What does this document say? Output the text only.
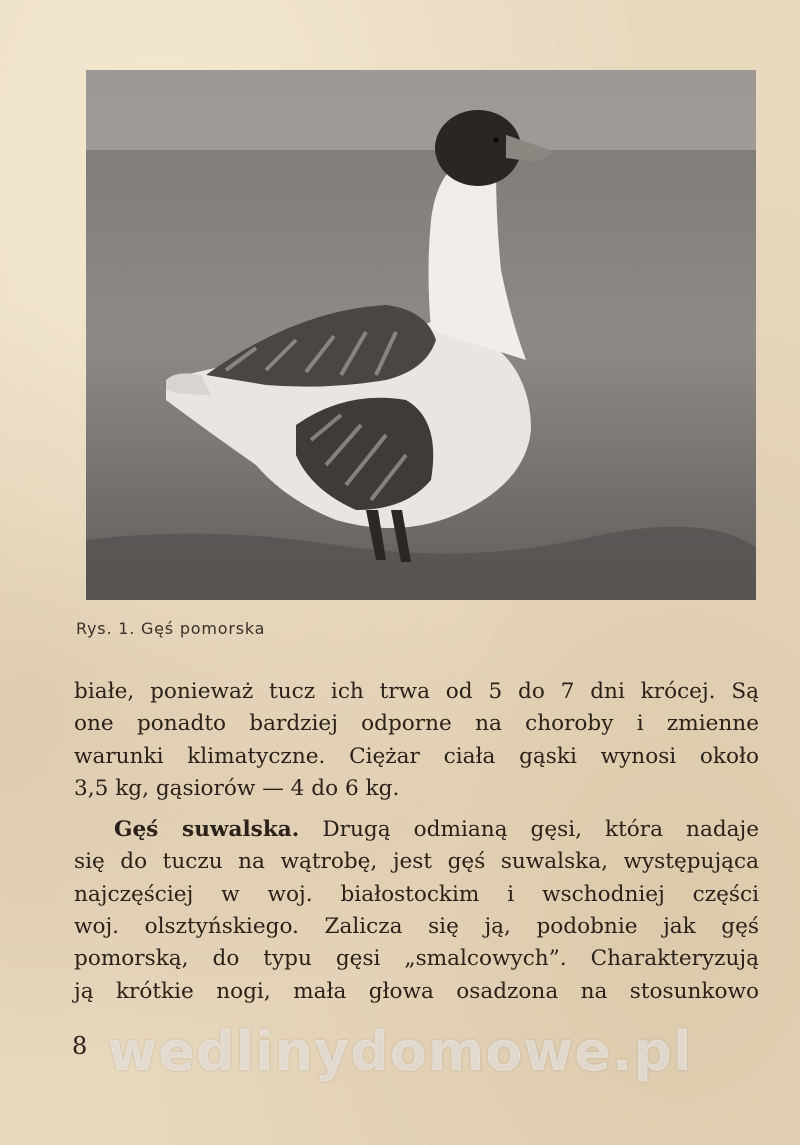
Rys. 1. Gęś pomorska
białe, ponieważ tucz ich trwa od 5 do 7 dni krócej. Są
one ponadto bardziej odporne na choroby i zmienne
warunki klimatyczne. Ciężar ciała gąski wynosi około
3,5 kg, gąsiorów — 4 do 6 kg.
Gęś suwalska. Drugą odmianą gęsi, która nadaje
się do tuczu na wątrobę, jest gęś suwalska, występująca
najczęściej w woj. białostockim i wschodniej części
woj. olsztyńskiego. Zalicza się ją, podobnie jak gęś
pomorską, do typu gęsi „smalcowych”. Charakteryzują
ją krótkie nogi, mała głowa osadzona na stosunkowo
8 wedlinydomowe.pl
